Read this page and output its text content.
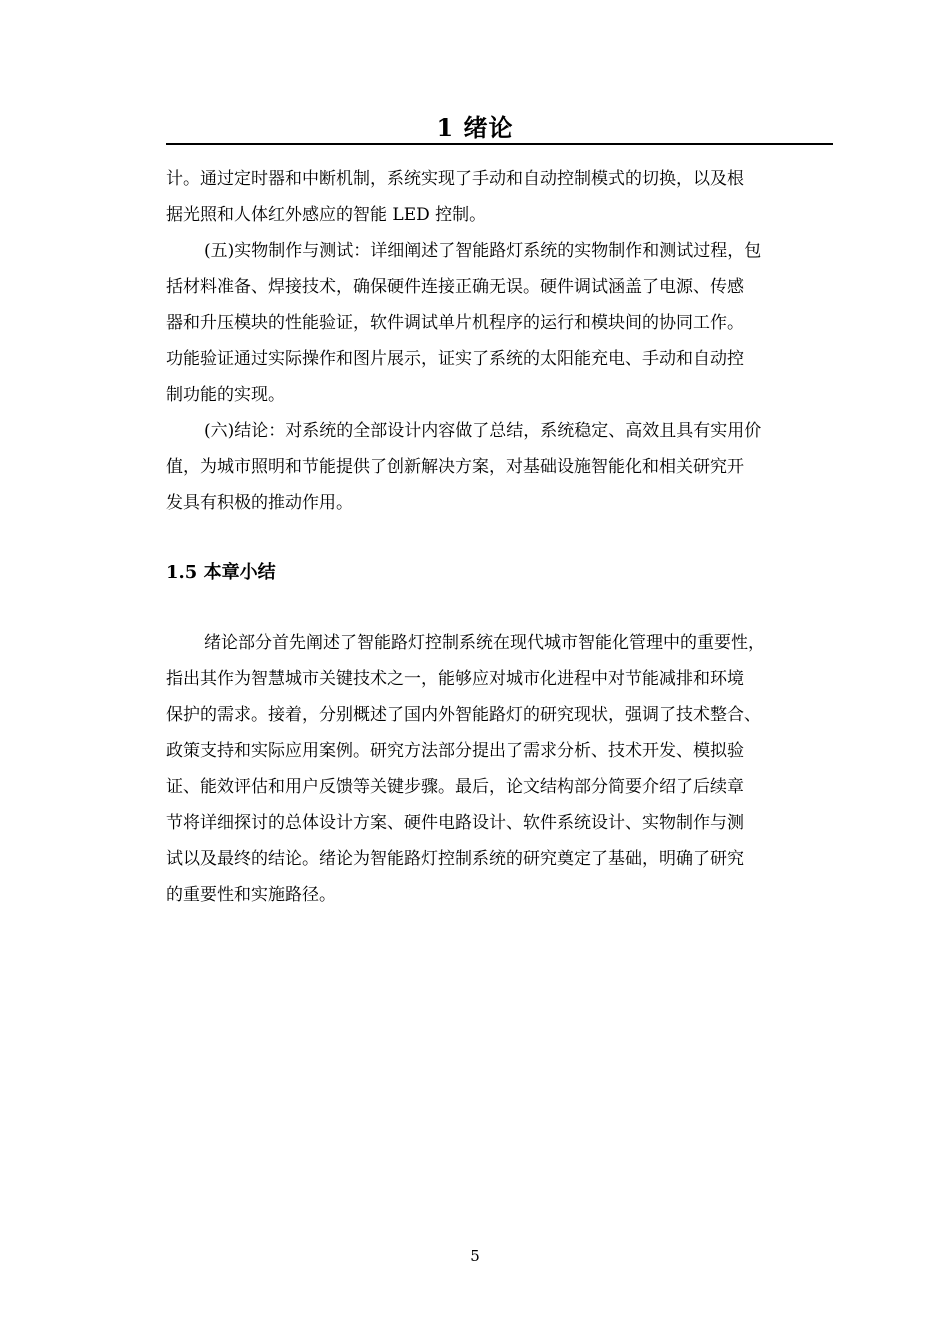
1 绪论
计。通过定时器和中断机制，系统实现了手动和自动控制模式的切换，以及根
据光照和人体红外感应的智能 LED 控制。
(五)实物制作与测试：详细阐述了智能路灯系统的实物制作和测试过程，包
括材料准备、焊接技术，确保硬件连接正确无误。硬件调试涵盖了电源、传感
器和升压模块的性能验证，软件调试单片机程序的运行和模块间的协同工作。
功能验证通过实际操作和图片展示，证实了系统的太阳能充电、手动和自动控
制功能的实现。
(六)结论：对系统的全部设计内容做了总结，系统稳定、高效且具有实用价
值，为城市照明和节能提供了创新解决方案，对基础设施智能化和相关研究开
发具有积极的推动作用。
1.5 本章小结
绪论部分首先阐述了智能路灯控制系统在现代城市智能化管理中的重要性，
指出其作为智慧城市关键技术之一，能够应对城市化进程中对节能减排和环境
保护的需求。接着，分别概述了国内外智能路灯的研究现状，强调了技术整合、
政策支持和实际应用案例。研究方法部分提出了需求分析、技术开发、模拟验
证、能效评估和用户反馈等关键步骤。最后，论文结构部分简要介绍了后续章
节将详细探讨的总体设计方案、硬件电路设计、软件系统设计、实物制作与测
试以及最终的结论。绪论为智能路灯控制系统的研究奠定了基础，明确了研究
的重要性和实施路径。
5
